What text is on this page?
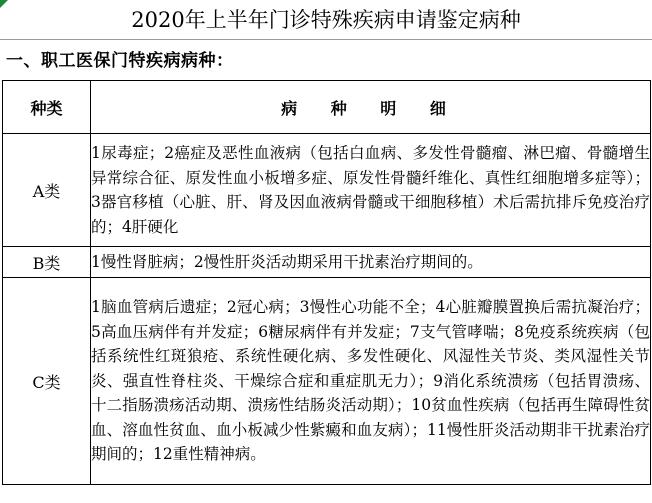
2020年上半年门诊特殊疾病申请鉴定病种
一、职工医保门特疾病病种：
种类	病 种 明 细
A类	1尿毒症；2癌症及恶性血液病（包括白血病、多发性骨髓瘤、淋巴瘤、骨髓增生异常综合征、原发性血小板增多症、原发性骨髓纤维化、真性红细胞增多症等）；3器官移植（心脏、肝、肾及因血液病骨髓或干细胞移植）术后需抗排斥免疫治疗的；4肝硬化
B类	1慢性肾脏病；2慢性肝炎活动期采用干扰素治疗期间的。
C类	1脑血管病后遗症；2冠心病；3慢性心功能不全；4心脏瓣膜置换后需抗凝治疗；5高血压病伴有并发症；6糖尿病伴有并发症；7支气管哮喘；8免疫系统疾病（包括系统性红斑狼疮、系统性硬化病、多发性硬化、风湿性关节炎、类风湿性关节炎、强直性脊柱炎、干燥综合症和重症肌无力）；9消化系统溃疡（包括胃溃疡、十二指肠溃疡活动期、溃疡性结肠炎活动期）；10贫血性疾病（包括再生障碍性贫血、溶血性贫血、血小板减少性紫癜和血友病）；11慢性肝炎活动期非干扰素治疗期间的；12重性精神病。
